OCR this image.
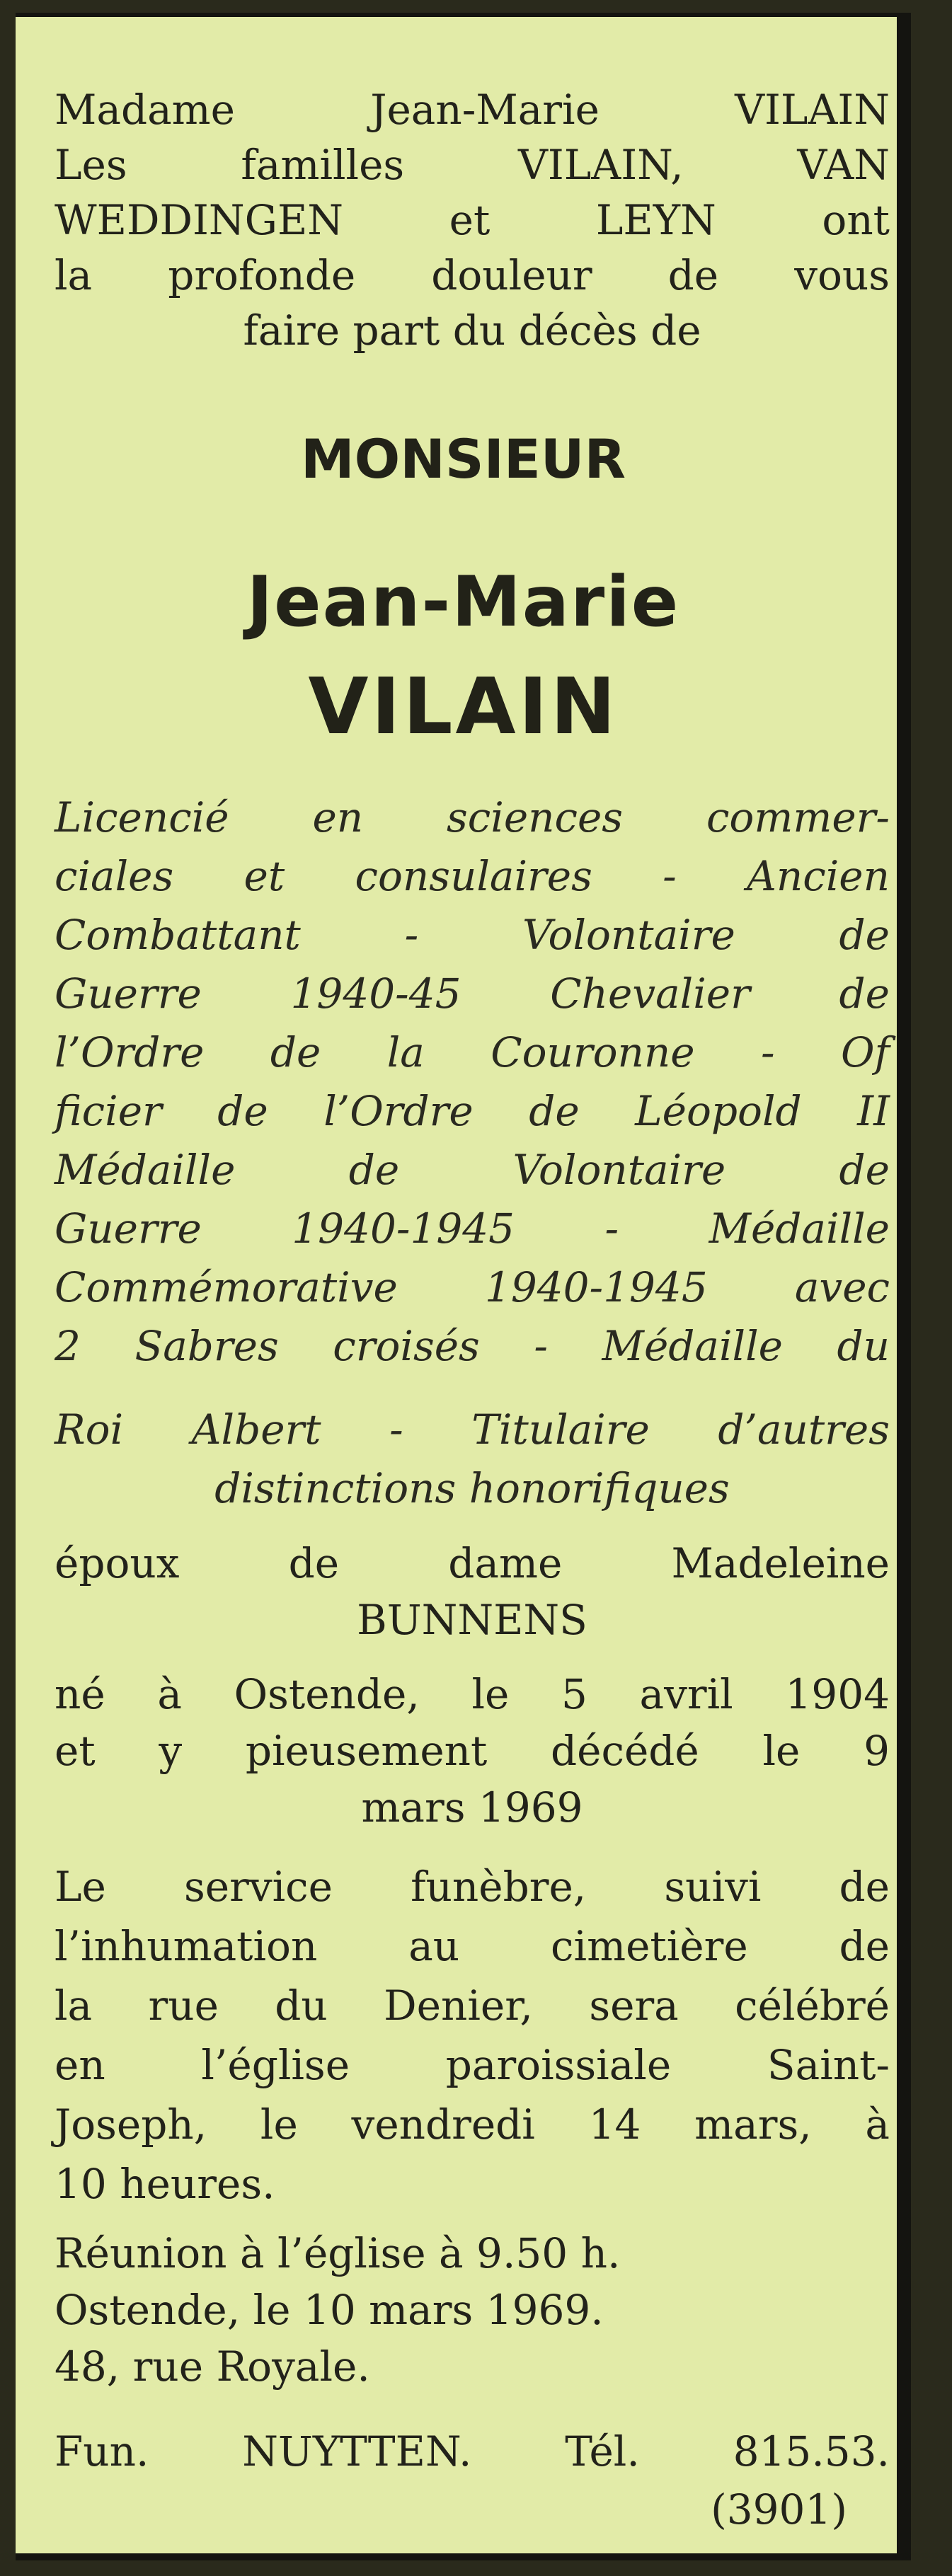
Madame Jean-Marie VILAIN
Les familles VILAIN, VAN
WEDDINGEN et LEYN ont
la profonde douleur de vous
faire part du décès de
MONSIEUR
Jean-Marie
VILAIN
Licencié en sciences commer-
ciales et consulaires - Ancien
Combattant - Volontaire de
Guerre 1940-45 Chevalier de
l’Ordre de la Couronne - Of
ficier de l’Ordre de Léopold II
Médaille de Volontaire de
Guerre 1940-1945 - Médaille
Commémorative 1940-1945 avec
2 Sabres croisés - Médaille du
Roi Albert - Titulaire d’autres
distinctions honorifiques
époux de dame Madeleine
BUNNENS
né à Ostende, le 5 avril 1904
et y pieusement décédé le 9
mars 1969
Le service funèbre, suivi de
l’inhumation au cimetière de
la rue du Denier, sera célébré
en l’église paroissiale Saint-
Joseph, le vendredi 14 mars, à
10 heures.
Réunion à l’église à 9.50 h.
Ostende, le 10 mars 1969.
48, rue Royale.
Fun. NUYTTEN. Tél. 815.53.
(3901)
